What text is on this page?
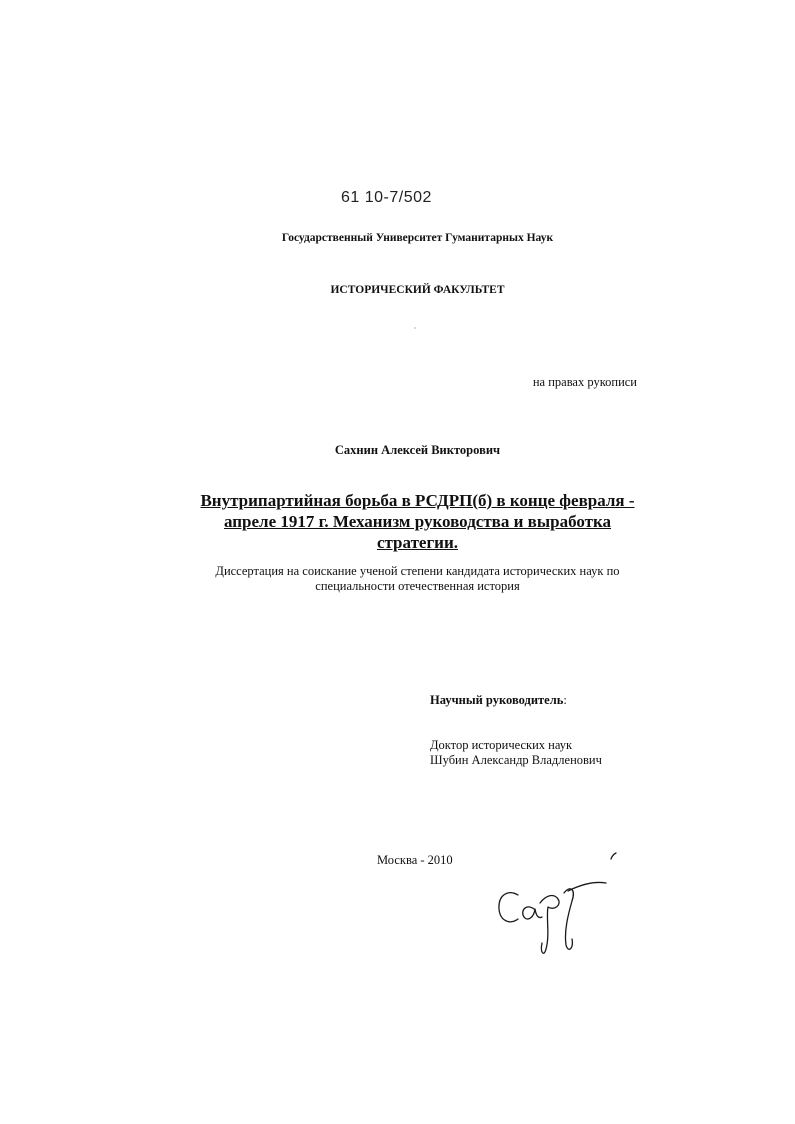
61 10-7/502
Государственный Университет Гуманитарных Наук
ИСТОРИЧЕСКИЙ ФАКУЛЬТЕТ
на правах рукописи
Сахнин Алексей Викторович
Внутрипартийная борьба в РСДРП(б) в конце февраля -
апреле 1917 г. Механизм руководства и выработка
стратегии.
Диссертация на соискание ученой степени кандидата исторических наук по
специальности отечественная история
Научный руководитель:
Доктор исторических наук
Шубин Александр Владленович
Москва - 2010
